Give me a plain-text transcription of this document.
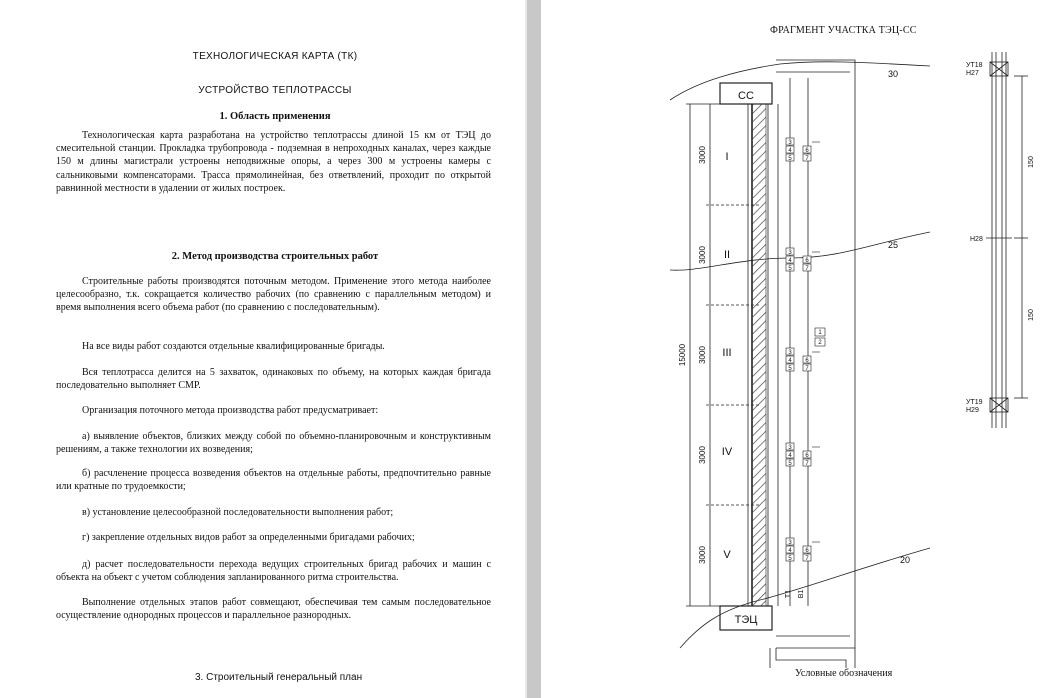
ТЕХНОЛОГИЧЕСКАЯ КАРТА (ТК)
УСТРОЙСТВО ТЕПЛОТРАССЫ
1. Область применения

Технологическая карта разработана на устройство теплотрассы длиной 15 км от ТЭЦ до смесительной станции. Прокладка трубопровода - подземная в непроходных каналах, через каждые 150 м длины магистрали устроены неподвижные опоры, а через 300 м устроены камеры с сальниковыми компенсаторами. Трасса прямолинейная, без ответвлений, проходит по открытой равнинной местности в удалении от жилых построек.

2. Метод производства строительных работ

Строительные работы производятся поточным методом. Применение этого метода наиболее целесообразно, т.к. сокращается количество рабочих (по сравнению с параллельным методом) и время выполнения всего объема работ (по сравнению с последовательным).

На все виды работ создаются отдельные квалифицированные бригады.

Вся теплотрасса делится на 5 захваток, одинаковых по объему, на которых каждая бригада последовательно выполняет СМР.

Организация поточного метода производства работ предусматривает:

а) выявление объектов, близких между собой по объемно-планировочным и конструктивным решениям, а также технологии их возведения;

б) расчленение процесса возведения объектов на отдельные работы, предпочтительно равные или кратные по трудоемкости;

в) установление целесообразной последовательности выполнения работ;

г) закрепление отдельных видов работ за определенными бригадами рабочих;

д) расчет последовательности перехода ведущих строительных бригад рабочих и машин с объекта на объект с учетом соблюдения запланированного ритма строительства.

Выполнение отдельных этапов работ совмещают, обеспечивая тем самым последовательное осуществление однородных процессов и параллельное разнородных.

3. Строительный генеральный план
ФРАГМЕНТ УЧАСТКА ТЭЦ-СС
СС
ТЭЦ
15000
3000
3000
3000
3000
3000
I
II
III
IV
V
30
25
20
В1
Т1
3
4
5
6
7
3
4
5
6
7
3
4
5
6
7
3
4
5
6
7
3
4
5
6
7
1
2
УТ18
Н27
Н28
УТ19
Н29
150
150
Условные обозначения
